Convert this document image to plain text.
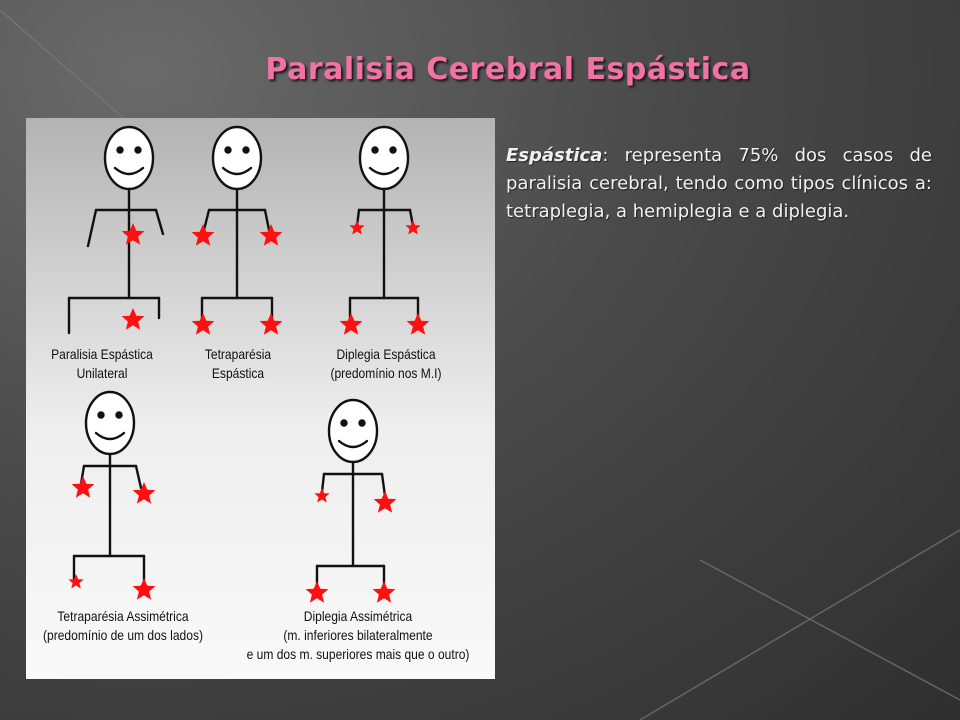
Paralisia Cerebral Espástica
Paralisia Espástica
Unilateral
Tetraparésia
Espástica
Diplegia Espástica
(predomínio nos M.I)
Tetraparésia Assimétrica
(predomínio de um dos lados)
Diplegia Assimétrica
(m. inferiores bilateralmente
e um dos m. superiores mais que o outro)
Espástica: representa 75% dos casos de paralisia cerebral, tendo como tipos clínicos a: tetraplegia, a hemiplegia e a diplegia.
